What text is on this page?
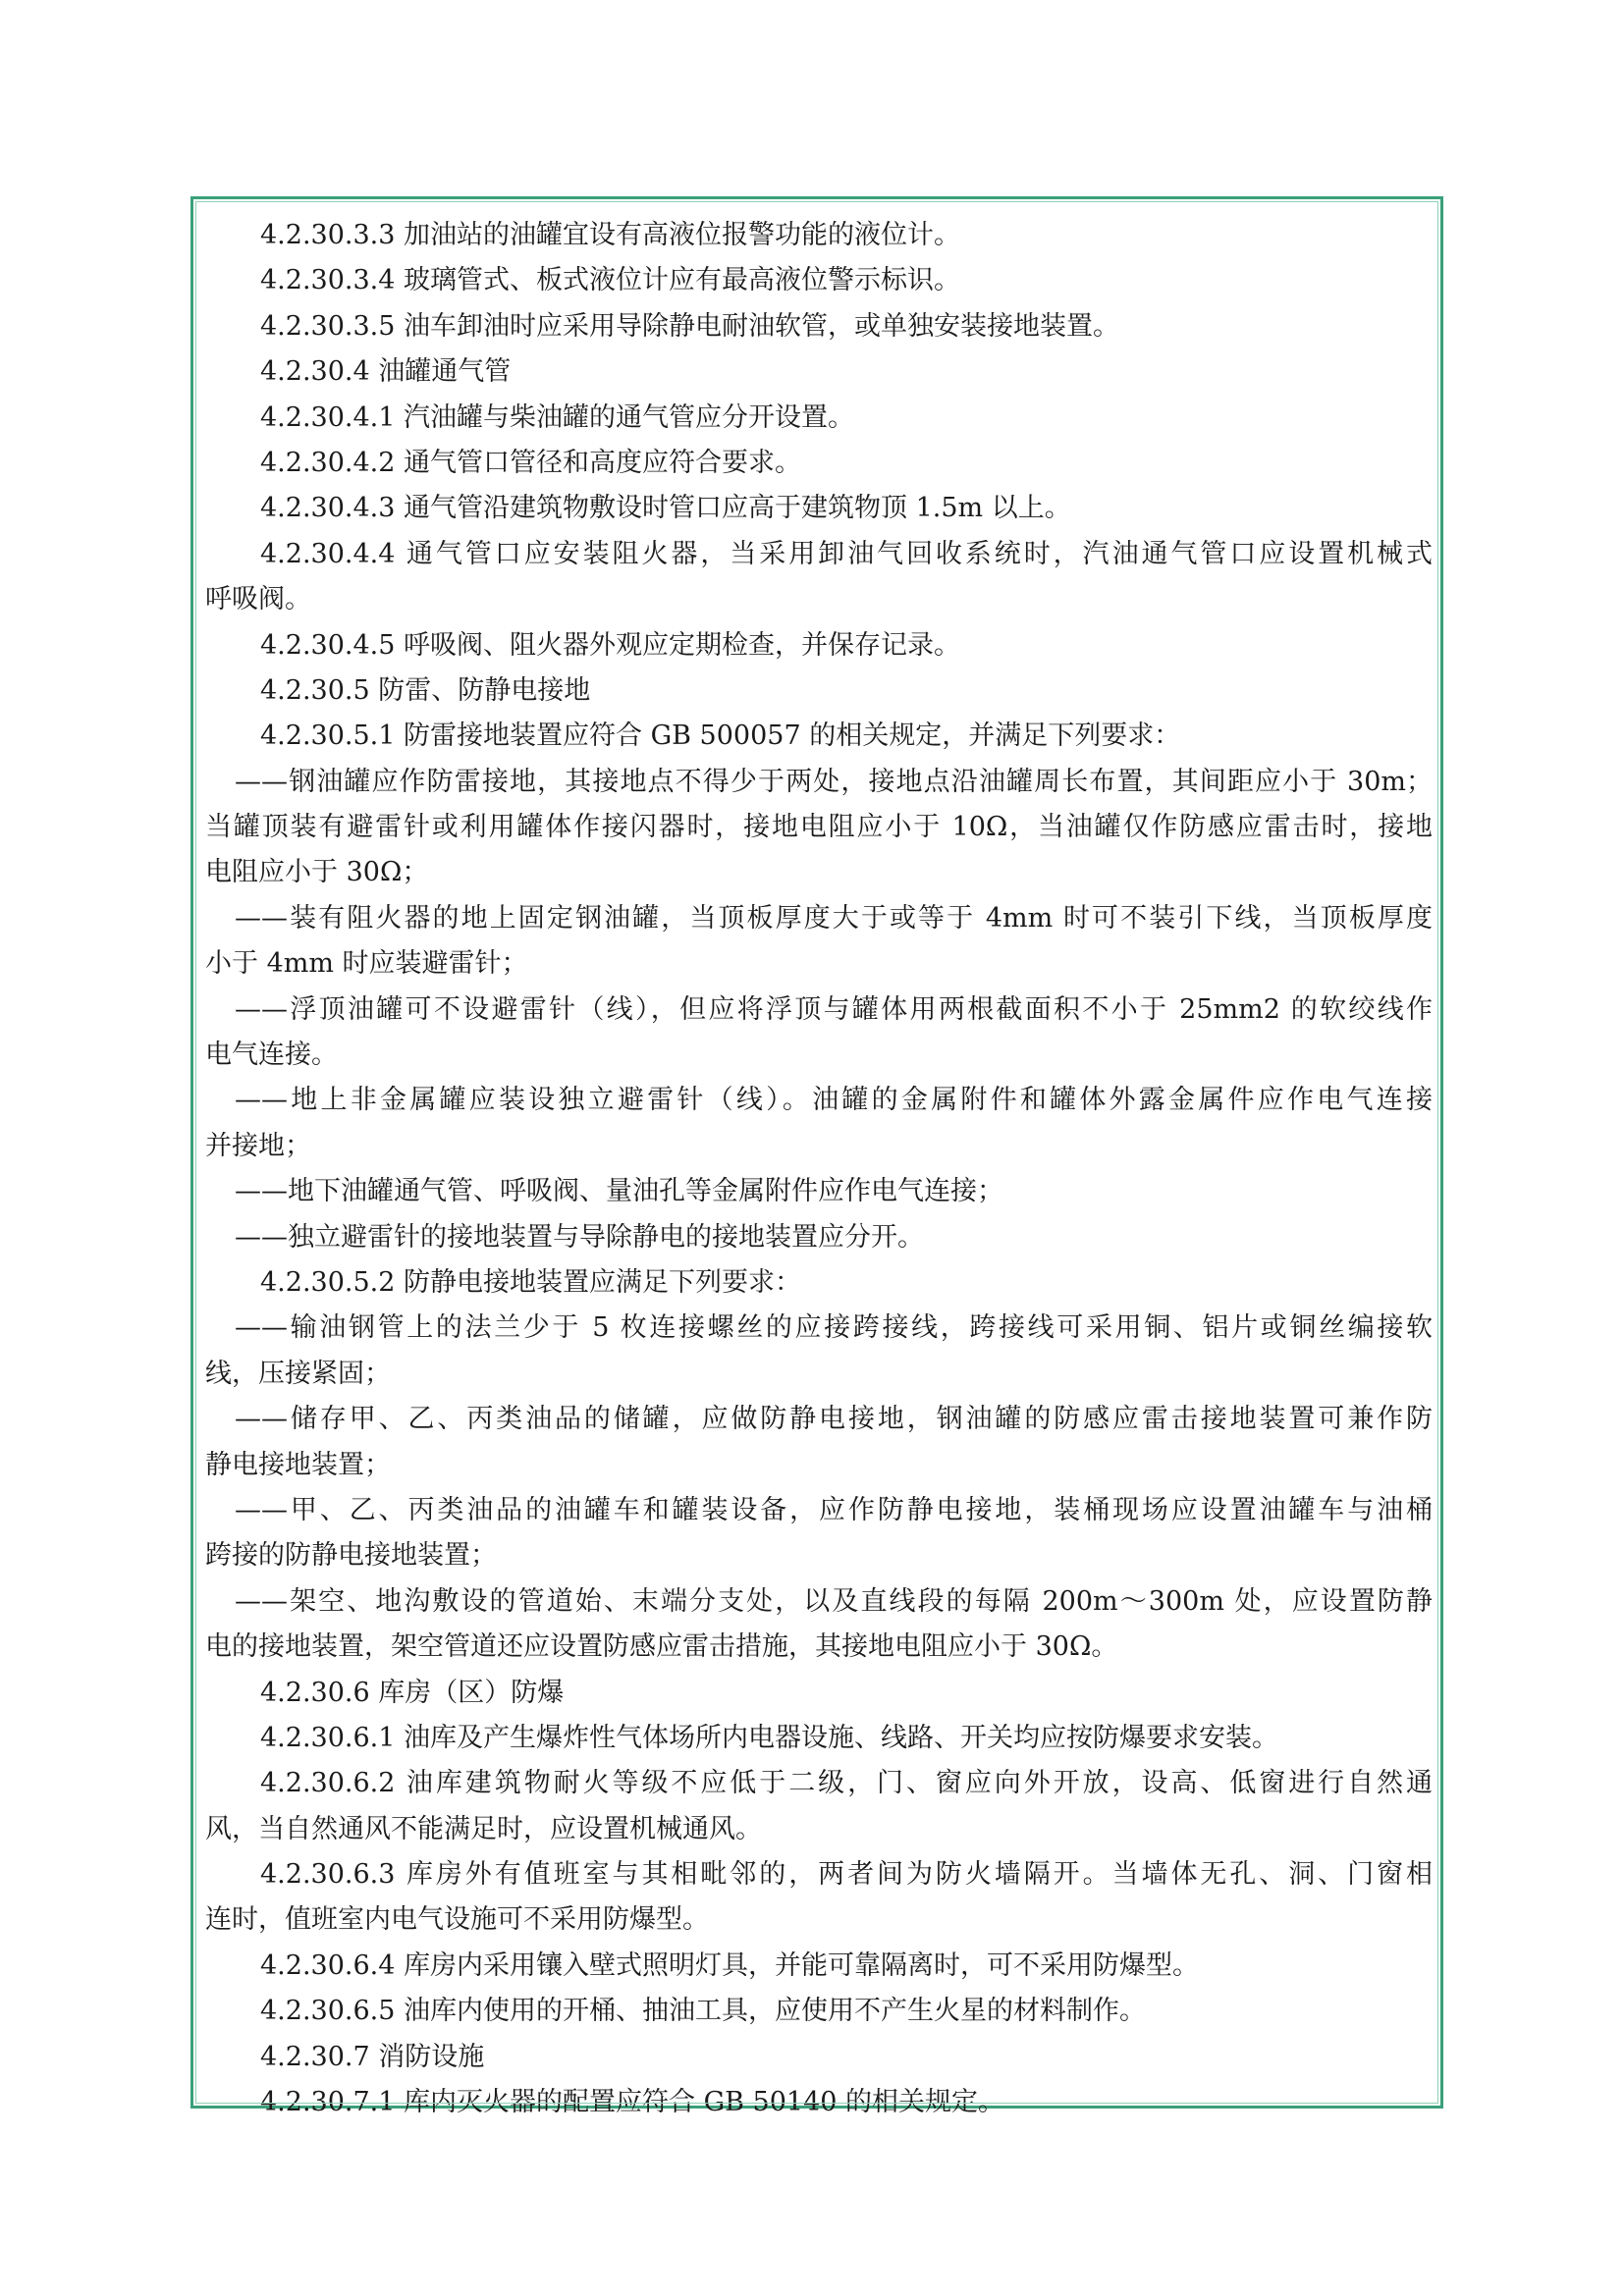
4.2.30.3.3 加油站的油罐宜设有高液位报警功能的液位计。
4.2.30.3.4 玻璃管式、板式液位计应有最高液位警示标识。
4.2.30.3.5 油车卸油时应采用导除静电耐油软管，或单独安装接地装置。
4.2.30.4 油罐通气管
4.2.30.4.1 汽油罐与柴油罐的通气管应分开设置。
4.2.30.4.2 通气管口管径和高度应符合要求。
4.2.30.4.3 通气管沿建筑物敷设时管口应高于建筑物顶 1.5m 以上。
4.2.30.4.4 通气管口应安装阻火器，当采用卸油气回收系统时，汽油通气管口应设置机械式
呼吸阀。
4.2.30.4.5 呼吸阀、阻火器外观应定期检查，并保存记录。
4.2.30.5 防雷、防静电接地
4.2.30.5.1 防雷接地装置应符合 GB 500057 的相关规定，并满足下列要求：
——钢油罐应作防雷接地，其接地点不得少于两处，接地点沿油罐周长布置，其间距应小于 30m；
当罐顶装有避雷针或利用罐体作接闪器时，接地电阻应小于 10Ω，当油罐仅作防感应雷击时，接地
电阻应小于 30Ω；
——装有阻火器的地上固定钢油罐，当顶板厚度大于或等于 4mm 时可不装引下线，当顶板厚度
小于 4mm 时应装避雷针；
——浮顶油罐可不设避雷针（线），但应将浮顶与罐体用两根截面积不小于 25mm2 的软绞线作
电气连接。
——地上非金属罐应装设独立避雷针（线）。油罐的金属附件和罐体外露金属件应作电气连接
并接地；
——地下油罐通气管、呼吸阀、量油孔等金属附件应作电气连接；
——独立避雷针的接地装置与导除静电的接地装置应分开。
4.2.30.5.2 防静电接地装置应满足下列要求：
——输油钢管上的法兰少于 5 枚连接螺丝的应接跨接线，跨接线可采用铜、铝片或铜丝编接软
线，压接紧固；
——储存甲、乙、丙类油品的储罐，应做防静电接地，钢油罐的防感应雷击接地装置可兼作防
静电接地装置；
——甲、乙、丙类油品的油罐车和罐装设备，应作防静电接地，装桶现场应设置油罐车与油桶
跨接的防静电接地装置；
——架空、地沟敷设的管道始、末端分支处，以及直线段的每隔 200m～300m 处，应设置防静
电的接地装置，架空管道还应设置防感应雷击措施，其接地电阻应小于 30Ω。
4.2.30.6 库房（区）防爆
4.2.30.6.1 油库及产生爆炸性气体场所内电器设施、线路、开关均应按防爆要求安装。
4.2.30.6.2 油库建筑物耐火等级不应低于二级，门、窗应向外开放，设高、低窗进行自然通
风，当自然通风不能满足时，应设置机械通风。
4.2.30.6.3 库房外有值班室与其相毗邻的，两者间为防火墙隔开。当墙体无孔、洞、门窗相
连时，值班室内电气设施可不采用防爆型。
4.2.30.6.4 库房内采用镶入壁式照明灯具，并能可靠隔离时，可不采用防爆型。
4.2.30.6.5 油库内使用的开桶、抽油工具，应使用不产生火星的材料制作。
4.2.30.7 消防设施
4.2.30.7.1 库内灭火器的配置应符合 GB 50140 的相关规定。
